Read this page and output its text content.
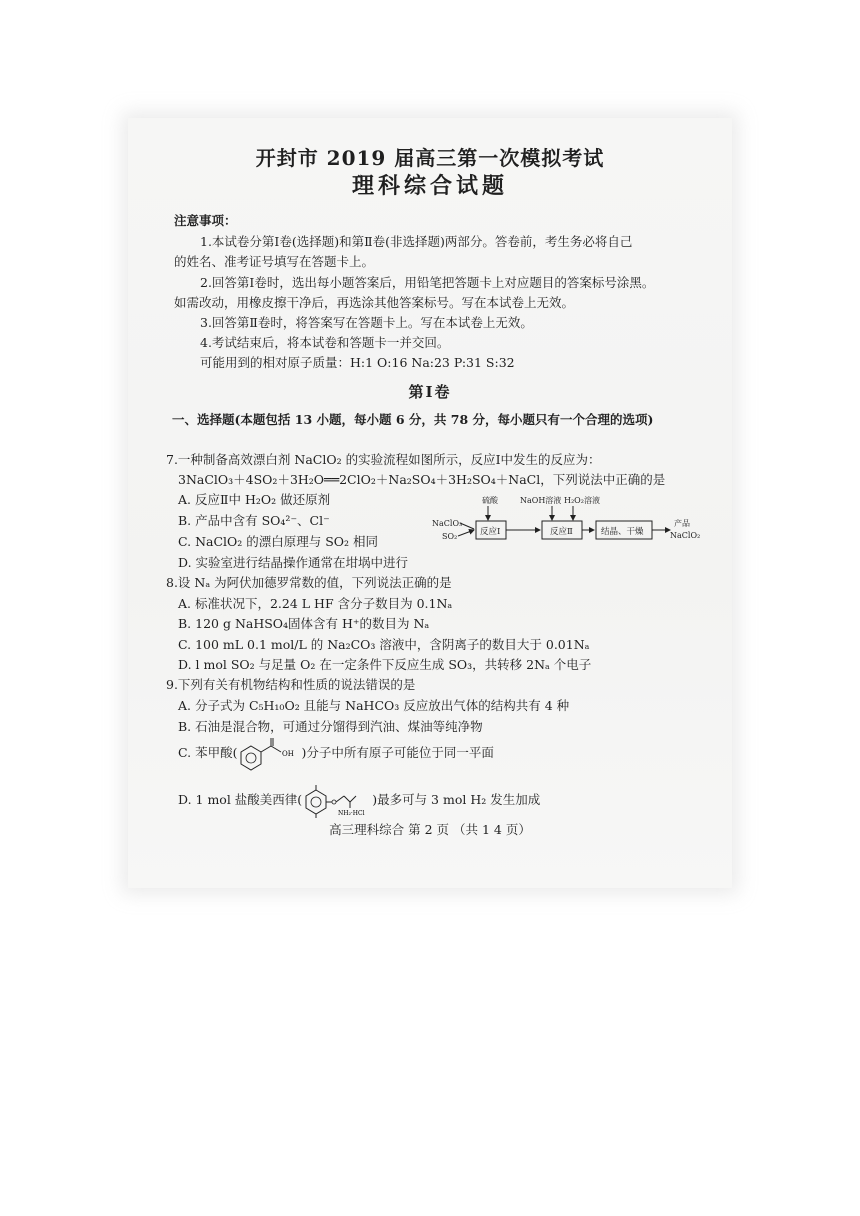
开封市 2019 届高三第一次模拟考试
理科综合试题
注意事项：
1.本试卷分第Ⅰ卷(选择题)和第Ⅱ卷(非选择题)两部分。答卷前，考生务必将自己
的姓名、准考证号填写在答题卡上。
2.回答第Ⅰ卷时，选出每小题答案后，用铅笔把答题卡上对应题目的答案标号涂黑。
如需改动，用橡皮擦干净后，再选涂其他答案标号。写在本试卷上无效。
3.回答第Ⅱ卷时，将答案写在答题卡上。写在本试卷上无效。
4.考试结束后，将本试卷和答题卡一并交回。
可能用到的相对原子质量：H:1 O:16 Na:23 P:31 S:32
第Ⅰ卷
一、选择题(本题包括 13 小题，每小题 6 分，共 78 分，每小题只有一个合理的选项)
7.一种制备高效漂白剂 NaClO₂ 的实验流程如图所示，反应Ⅰ中发生的反应为：
3NaClO₃＋4SO₂＋3H₂O══2ClO₂＋Na₂SO₄＋3H₂SO₄＋NaCl，下列说法中正确的是
A. 反应Ⅱ中 H₂O₂ 做还原剂
B. 产品中含有 SO₄²⁻、Cl⁻
C. NaClO₂ 的漂白原理与 SO₂ 相同
D. 实验室进行结晶操作通常在坩埚中进行
硫酸	NaOH溶液 H₂O₂溶液
NaClO₃
SO₂	反应Ⅰ	反应Ⅱ	结晶、干燥
产品
NaClO₂
8.设 Nₐ 为阿伏加德罗常数的值，下列说法正确的是
A. 标准状况下，2.24 L HF 含分子数目为 0.1Nₐ
B. 120 g NaHSO₄固体含有 H⁺的数目为 Nₐ
C. 100 mL 0.1 mol/L 的 Na₂CO₃ 溶液中，含阴离子的数目大于 0.01Nₐ
D. l mol SO₂ 与足量 O₂ 在一定条件下反应生成 SO₃，共转移 2Nₐ 个电子
9.下列有关有机物结构和性质的说法错误的是
A. 分子式为 C₅H₁₀O₂ 且能与 NaHCO₃ 反应放出气体的结构共有 4 种
B. 石油是混合物，可通过分馏得到汽油、煤油等纯净物
C. 苯甲酸(	OH )分子中所有原子可能位于同一平面
D. 1 mol 盐酸美西律(
NH₂·HCl
)最多可与 3 mol H₂ 发生加成
高三理科综合 第 2 页 （共 1 4 页）
